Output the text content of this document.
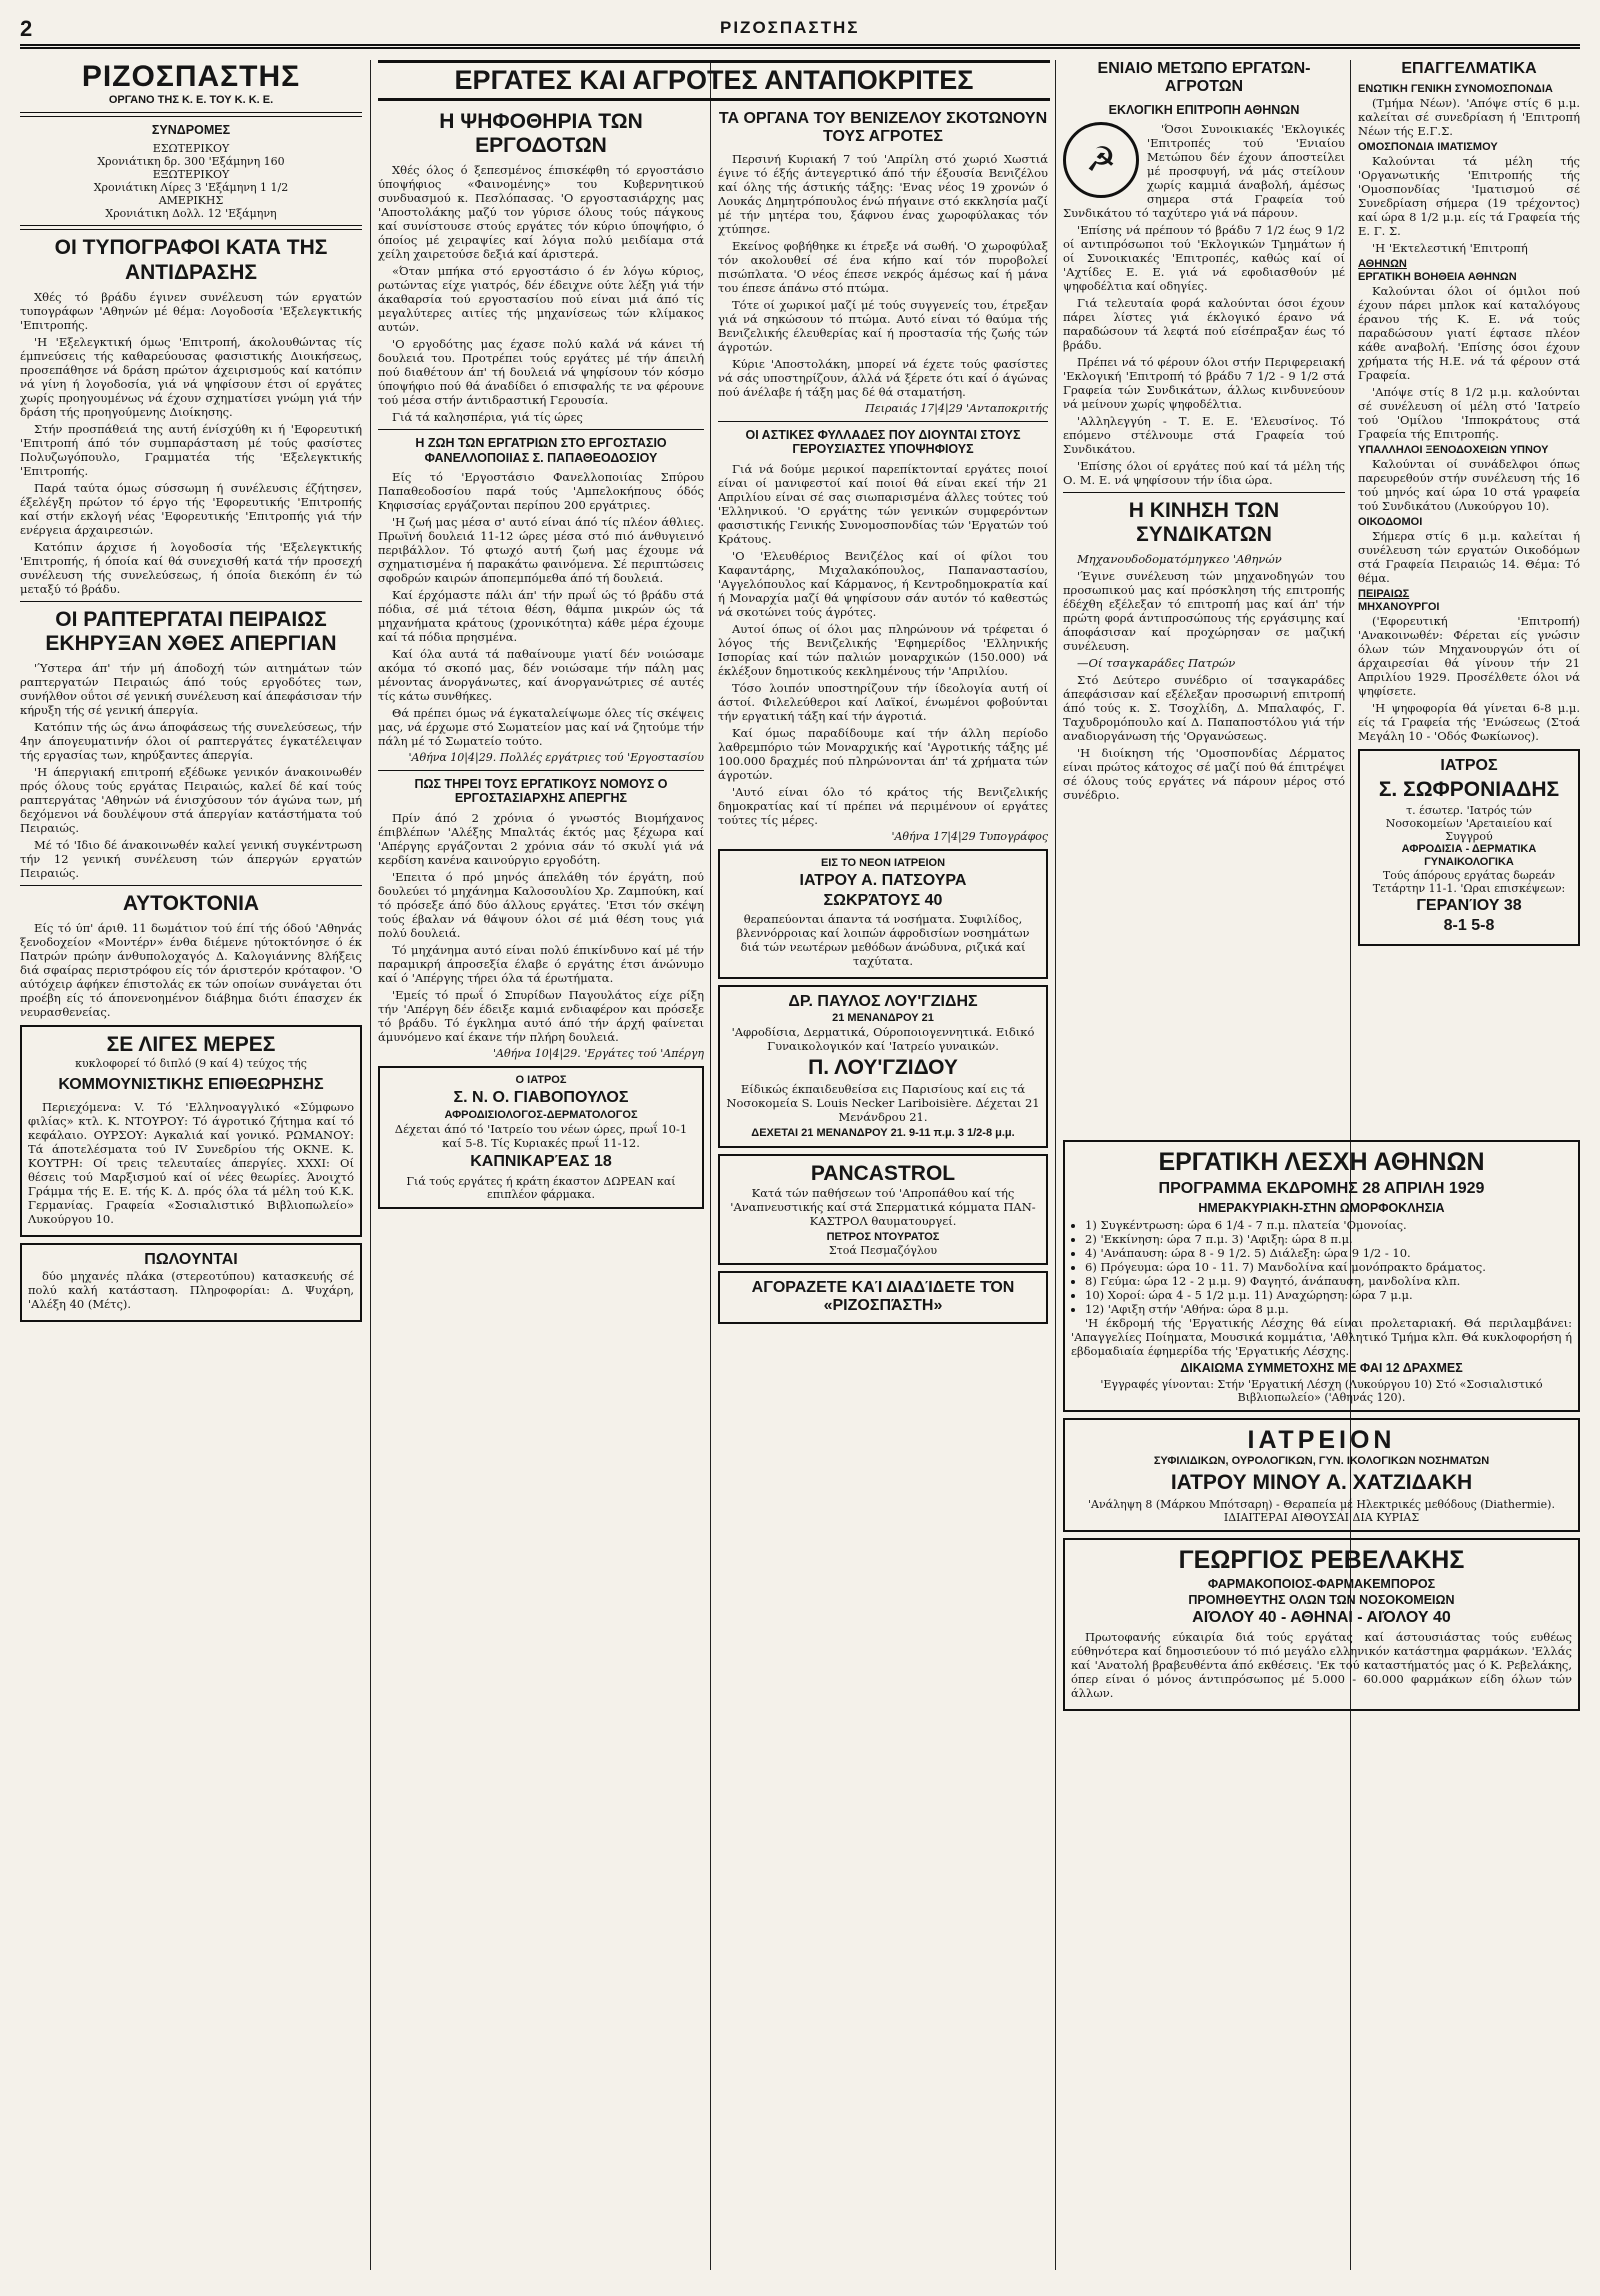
2	ΡΙΖΟΣΠΑΣΤΗΣ
ΡΙΖΟΣΠΑΣΤΗΣ
ΟΡΓΑΝΟ ΤΗΣ Κ. Ε. ΤΟΥ Κ. Κ. Ε.
ΣΥΝΔΡΟΜΕΣ
ΕΣΩΤΕΡΙΚΟΥ
Χρονιάτικη δρ. 300 'Εξάμηνη 160
ΕΞΩΤΕΡΙΚΟΥ
Χρονιάτικη Λίρες 3 'Εξάμηνη 1 1/2
ΑΜΕΡΙΚΗΣ
Χρονιάτικη Δολλ. 12 'Εξάμηνη
ΟΙ ΤΥΠΟΓΡΑΦΟΙ ΚΑΤΑ ΤΗΣ ΑΝΤΙΔΡΑΣΗΣ

Χθές τό βράδυ έγινεν συνέλευση τών εργατών τυπογράφων 'Αθηνών μέ θέμα: Λογοδοσία 'Εξελεγκτικής 'Επιτροπής.

'Η 'Εξελεγκτική όμως 'Επιτροπή, άκολουθώντας τίς έμπνεύσεις τής καθαρεύουσας φασιστικής Διοικήσεως, προσεπάθησε νά δράση πρώτον άχειρισμούς καί κατόπιν νά γίνη ή λογοδοσία, γιά νά ψηφίσουν έτσι οί εργάτες χωρίς προηγουμένως νά έχουν σχηματίσει γνώμη γιά τήν δράση τής προηγούμενης Διοίκησης.

Στήν προσπάθειά της αυτή ένίσχύθη κι ή 'Εφορευτική 'Επιτροπή άπό τόν συμπαράσταση μέ τούς φασίστες Πολυζωγόπουλο, Γραμματέα τής 'Εξελεγκτικής 'Επιτροπής.

Παρά ταύτα όμως σύσσωμη ή συνέλευσις έζήτησεν, έξελέγξη πρώτον τό έργο τής 'Εφορευτικής 'Επιτροπής καί στήν εκλογή νέας 'Εφορευτικής 'Επιτροπής γιά τήν ενέργεια άρχαιρεσιών.

Κατόπιν άρχισε ή λογοδοσία τής 'Εξελεγκτικής 'Επιτροπής, ή όποία καί θά συνεχισθή κατά τήν προσεχή συνέλευση τής συνελεύσεως, ή όποία διεκόπη έν τώ μεταξύ τό βράδυ.

ΟΙ ΡΑΠΤΕΡΓΑΤΑΙ ΠΕΙΡΑΙΩΣ ΕΚΗΡΥΞΑΝ ΧΘΕΣ ΑΠΕΡΓΙΑΝ

'Ύστερα άπ' τήν μή άποδοχή τών αιτημάτων τών ραπτεργατών Πειραιώς άπό τούς εργοδότες των, συνήλθον οΰτοι σέ γενική συνέλευση καί άπεφάσισαν τήν κήρυξη τής σέ γενική άπεργία.

Κατόπιν τής ώς άνω άποφάσεως τής συνελεύσεως, τήν 4ην άπογευματινήν όλοι οί ραπτεργάτες έγκατέλειψαν τής εργασίας των, κηρύξαντες άπεργία.

'Η άπεργιακή επιτροπή εξέδωκε γενικόν άνακοινωθέν πρός όλους τούς εργάτας Πειραιώς, καλεί δέ καί τούς ραπτεργάτας 'Αθηνών νά ένισχύσουν τόν άγώνα των, μή δεχόμενοι νά δουλέψουν στά άπεργίαν κατάστήματα τού Πειραιώς.

Μέ τό 'Ιδιο δέ άνακοινωθέν καλεί γενική συγκέντρωση τήν 12 γενική συνέλευση τών άπεργών εργατών Πειραιώς.

ΑΥΤΟΚΤΟΝΙΑ

Είς τό ύπ' άριθ. 11 δωμάτιον τού έπί τής όδού 'Αθηνάς ξενοδοχείον «Μοντέρν» ένθα διέμενε ηύτοκτόνησε ό έκ Πατρών πρώην άνθυπολοχαγός Δ. Καλογιάννης 8λήξεις διά σφαίρας περιστρόφου είς τόν άριστερόν κρόταφον. 'Ο αύτόχειρ άφήκεν έπιστολάς εκ τών οποίων συνάγεται ότι προέβη είς τό άπονενοημένον διάβημα διότι έπασχεν έκ νευρασθενείας.

ΣΕ ΛΙΓΕΣ ΜΕΡΕΣ
κυκλοφορεί τό διπλό (9 καί 4) τεύχος τής
ΚΟΜΜΟΥΝΙΣΤΙΚΗΣ ΕΠΙΘΕΩΡΗΣΗΣ

Περιεχόμενα: V. Τό 'Ελληνοαγγλικό «Σύμφωνο φιλίας» κτλ. Κ. ΝΤΟΥΡΟΥ: Τό άγροτικό ζήτημα καί τό κεφάλαιο. ΟΥΡΣΟΥ: Αγκαλιά καί γονικό. ΡΩΜΑΝΟΥ: Τά άποτελέσματα τού IV Συνεδρίου τής ΟΚΝΕ. Κ. ΚΟΥΤΡΗ: Οί τρεις τελευταίες άπεργίες. XXXI: Οί θέσεις τού Μαρξισμού καί οί νέες θεωρίες. Άνοιχτό Γράμμα τής Ε. Ε. τής Κ. Δ. πρός όλα τά μέλη τού Κ.Κ. Γερμανίας. Γραφεία «Σοσιαλιστικό Βιβλιοπωλείο» Λυκούργου 10.

ΠΩΛΟΥΝΤΑΙ

δύο μηχανές πλάκα (στερεοτύπου) κατασκευής σέ πολύ καλή κατάσταση. Πληροφορίαι: Δ. Ψυχάρη, 'Αλέξη 40 (Μέτς).

ΕΡΓΑΤΕΣ ΚΑΙ ΑΓΡΟΤΕΣ ΑΝΤΑΠΟΚΡΙΤΕΣ
Η ΨΗΦΟΘΗΡΙΑ ΤΩΝ ΕΡΓΟΔΟΤΩΝ

Χθές όλος ό ξεπεσμένος έπισκέφθη τό εργοστάσιο ύποψήφιος «Φαινομένης» του Κυβερνητικού συνδυασμού κ. Πεσλόπασας. 'Ο εργοστασιάρχης μας 'Αποστολάκης μαζύ τον γύρισε όλους τούς πάγκους καί συνίστουσε στούς εργάτες τόν κύριο ύποψήφιο, ό όποίος μέ χειραψίες καί λόγια πολύ μειδίαμα στά χείλη χαιρετούσε δεξιά καί άριστερά.

«Όταν μπήκα στό εργοστάσιο ό έν λόγω κύριος, ρωτώντας είχε γιατρός, δέν έδειχνε ούτε λέξη γιά τήν άκαθαρσία τού εργοστασίου πού είναι μιά άπό τίς μεγαλύτερες αιτίες τής μηχανίσεως τών κλίμακος αυτών.

'Ο εργοδότης μας έχασε πολύ καλά νά κάνει τή δουλειά του. Προτρέπει τούς εργάτες μέ τήν άπειλή πού διαθέτουν άπ' τή δουλειά νά ψηφίσουν τόν κόσμο ύποψήφιο πού θά άναδίδει ό επισφαλής τε να φέρουνε τού μέσα στήν άντιδραστική Γερουσία.

Γιά τά καλησπέρια, γιά τίς ώρες

Η ΖΩΗ ΤΩΝ ΕΡΓΑΤΡΙΩΝ ΣΤΟ ΕΡΓΟΣΤΑΣΙΟ ΦΑΝΕΛΛΟΠΟΙΙΑΣ Σ. ΠΑΠΑΘΕΟΔΟΣΙΟΥ

Είς τό 'Εργοστάσιο Φανελλοποιίας Σπύρου Παπαθεοδοσίου παρά τούς 'Αμπελοκήπους όδός Κηφισσίας εργάζονται περίπου 200 εργάτριες.

'Η ζωή μας μέσα σ' αυτό είναι άπό τίς πλέον άθλιες. Πρωϊνή δουλειά 11-12 ώρες μέσα στό πιό άνθυγιεινό περιβάλλον. Τό φτωχό αυτή ζωή μας έχουμε νά σχηματισμένα ή παρακάτω φαινόμενα. Σέ περιπτώσεις σφοδρών καιρών άποπεμπόμεθα άπό τή δουλειά.

Καί έρχόμαστε πάλι άπ' τήν πρωΐ ώς τό βράδυ στά πόδια, σέ μιά τέτοια θέση, θάμπα μικρών ώς τά μηχανήματα κράτους (χρονικότητα) κάθε μέρα έχουμε καί τά πόδια πρησμένα.

Καί όλα αυτά τά παθαίνουμε γιατί δέν νοιώσαμε ακόμα τό σκοπό μας, δέν νοιώσαμε τήν πάλη μας μένοντας άνοργάνωτες, καί άνοργανώτριες σέ αυτές τίς κάτω συνθήκες.

Θά πρέπει όμως νά έγκαταλείψωμε όλες τίς σκέψεις μας, νά έρχωμε στό Σωματείον μας καί νά ζητούμε τήν πάλη μέ τό Σωματείο τούτο.

'Αθήνα 10|4|29. Πολλές εργάτριες τού 'Εργοστασίου
ΠΩΣ ΤΗΡΕΙ ΤΟΥΣ ΕΡΓΑΤΙΚΟΥΣ ΝΟΜΟΥΣ Ο ΕΡΓΟΣΤΑΣΙΑΡΧΗΣ ΑΠΕΡΓΗΣ

Πρίν άπό 2 χρόνια ό γνωστός Βιομήχανος έπιβλέπων 'Αλέξης Μπαλτάς έκτός μας ξέχωρα καί 'Απέργης εργάζονται 2 χρόνια σάν τό σκυλί γιά νά κερδίση κανένα καινούργιο εργοδότη.

'Επειτα ό πρό μηνός άπελάθη τόν έργάτη, πού δουλεύει τό μηχάνημα Καλοσουλίου Χρ. Ζαμπούκη, καί τό πρόσεξε άπό δύο άλλους εργάτες. 'Ετσι τόν σκέψη τούς έβαλαν νά θάψουν όλοι σέ μιά θέση τους γιά πολύ δουλειά.

Τό μηχάνημα αυτό είναι πολύ έπικίνδυνο καί μέ τήν παραμικρή άπροσεξία έλαβε ό εργάτης έτσι άνώνυμο καί ό 'Απέργης τήρει όλα τά έρωτήματα.

'Εμείς τό πρωΐ ό Σπυρίδων Παγουλάτος είχε ρίξη τήν 'Απέργη δέν έδειξε καμιά ενδιαφέρον και πρόσεξε τό βράδυ. Τό έγκλημα αυτό άπό τήν άρχή φαίνεται άμυνόμενο καί έκανε τήν πλήρη δουλειά.

'Αθήνα 10|4|29. 'Εργάτες τού 'Απέργη
Ο ΙΑΤΡΟΣ
Σ. Ν. Ο. ΓΙΑΒΟΠΟΥΛΟΣ
ΑΦΡΟΔΙΣΙΟΛΟΓΟΣ-ΔΕΡΜΑΤΟΛΟΓΟΣ

Δέχεται άπό τό 'Ιατρείο του νέων ώρες, πρωΐ 10-1 καί 5-8. Τίς Κυριακές πρωΐ 11-12.

ΚΑΠΝΙΚΑΡΈΑΣ 18
Γιά τούς εργάτες ή κράτη έκαστον ΔΩΡΕΑΝ καί επιπλέον φάρμακα.
ΤΑ ΟΡΓΑΝΑ ΤΟΥ ΒΕΝΙΖΕΛΟΥ ΣΚΟΤΩΝΟΥΝ ΤΟΥΣ ΑΓΡΟΤΕΣ

Περσινή Κυριακή 7 τού 'Απρίλη στό χωριό Χωστιά έγινε τό έξής άντεγερτικό άπό τήν έξουσία Βενιζέλου καί όλης τής άστικής τάξης: 'Ενας νέος 19 χρονών ό Λουκάς Δημητρόπουλος ένώ πήγαινε στό εκκλησία μαζί μέ τήν μητέρα του, ξάφνου ένας χωροφύλακας τόν χτύπησε.

Εκείνος φοβήθηκε κι έτρεξε νά σωθή. 'Ο χωροφύλαξ τόν ακολουθεί σέ ένα κήπο καί τόν πυροβολεί πισώπλατα. 'Ο νέος έπεσε νεκρός άμέσως καί ή μάνα του έπεσε άπάνω στό πτώμα.

Τότε οί χωρικοί μαζί μέ τούς συγγενείς του, έτρεξαν γιά νά σηκώσουν τό πτώμα. Αυτό είναι τό θαύμα τής Βενιζελικής έλευθερίας καί ή προστασία τής ζωής τών άγροτών.

Κύριε 'Αποστολάκη, μπορεί νά έχετε τούς φασίστες νά σάς υποστηρίζουν, άλλά νά ξέρετε ότι καί ό άγώνας πού άνέλαβε ή τάξη μας δέ θά σταματήση.

Πειραιάς 17|4|29 'Ανταποκριτής
ΟΙ ΑΣΤΙΚΕΣ ΦΥΛΛΑΔΕΣ ΠΟΥ ΔΙΟΥΝΤΑΙ ΣΤΟΥΣ ΓΕΡΟΥΣΙΑΣΤΕΣ ΥΠΟΨΗΦΙΟΥΣ

Γιά νά δούμε μερικοί παρεπίκτονταί εργάτες ποιοί είναι οί μανιφεστοί καί ποιοί θά είναι εκεί τήν 21 Απριλίου είναι σέ σας σιωπαρισμένα άλλες τούτες τού 'Ελληνικού. 'Ο εργάτης τών γενικών συμφερόντων φασιστικής Γενικής Συνομοσπονδίας τών 'Εργατών τού Κράτους.

'Ο 'Ελευθέριος Βενιζέλος καί οί φίλοι του Καφαντάρης, Μιχαλακόπουλος, Παπαναστασίου, 'Αγγελόπουλος καί Κάρμανος, ή Κεντροδημοκρατία καί ή Μοναρχία μαζί θά ψηφίσουν σάν αυτόν τό καθεστώς νά σκοτώνει τούς άγρότες.

Αυτοί όπως οί όλοι μας πληρώνουν νά τρέφεται ό λόγος τής Βενιζελικής 'Εφημερίδος 'Ελληνικής Ισπορίας καί τών παλιών μοναρχικών (150.000) νά έκλέξουν δημοτικούς κεκλημένους τήν 'Απριλίου.

Τόσο λοιπόν υποστηρίζουν τήν ίδεολογία αυτή οί άστοί. Φιλελεύθεροι καί Λαϊκοί, ένωμένοι φοβούνται τήν εργατική τάξη καί τήν άγροτιά.

Καί όμως παραδίδουμε καί τήν άλλη περίοδο λαθρεμπόριο τών Μοναρχικής καί 'Αγροτικής τάξης μέ 100.000 δραχμές πού πληρώνονται άπ' τά χρήματα τών άγροτών.

'Αυτό είναι όλο τό κράτος τής Βενιζελικής δημοκρατίας καί τί πρέπει νά περιμένουν οί εργάτες τούτες τίς μέρες.

'Αθήνα 17|4|29 Τυπογράφος
ΕΙΣ ΤΟ ΝΕΟΝ ΙΑΤΡΕΙΟΝ
ΙΑΤΡΟΥ Α. ΠΑΤΣΟΥΡΑ
ΣΩΚΡΆΤΟΥΣ 40

θεραπεύονται άπαντα τά νοσήματα. Συφιλίδος, βλεννόρροιας καί λοιπών άφροδισίων νοσημάτων διά τών νεωτέρων μεθόδων άνώδυνα, ριζικά καί ταχύτατα.

ΔΡ. ΠΑΥΛΟΣ ΛΟΥ'ΓΖΙΔΗΣ
21 ΜΕΝΑΝΔΡΟΥ 21

'Αφροδίσια, Δερματικά, Ούροποιογεννητικά. Ειδικό Γυναικολογικόν καί 'Ιατρείο γυναικών.

Π. ΛΟΥ'ΓΖΙΔΟΥ

Είδικώς έκπαιδευθείσα εις Παρισίους καί εις τά Νοσοκομεία S. Louis Necker Lariboisière. Δέχεται 21 Μενάνδρου 21.

ΔΕΧΕΤΑΙ 21 ΜΕΝΑΝΔΡΟΥ 21. 9-11 π.μ. 3 1/2-8 μ.μ.
PANCASTROL

Κατά τών παθήσεων τού 'Απροπάθου καί τής 'Αναπνευστικής καί στά Σπερματικά κόμματα ΠΑΝ-ΚΑΣΤΡΟΛ θαυματουργεί.

ΠΕΤΡΟΣ ΝΤΟΥΡΑΤΟΣ
Στοά Πεσμαζόγλου
ΑΓΟΡΑΖΕΤΕ ΚΑΊ ΔΙΑΔΊΔΕΤΕ ΤΌΝ «ΡΙΖΟΣΠΆΣΤΗ»
ΕΝΙΑΙΟ ΜΕΤΩΠΟ ΕΡΓΑΤΩΝ-ΑΓΡΟΤΩΝ
ΕΚΛΟΓΙΚΗ ΕΠΙΤΡΟΠΗ ΑΘΗΝΩΝ
☭

'Όσοι Συνοικιακές 'Εκλογικές 'Επιτροπές τού 'Ενιαίου Μετώπου δέν έχουν άποστείλει μέ προσφυγή, νά μάς στείλουν χωρίς καμμιά άναβολή, άμέσως σημερα στά Γραφεία τού Συνδικάτου τό ταχύτερο γιά νά πάρουν.

'Επίσης νά πρέπουν τό βράδυ 7 1/2 έως 9 1/2 οί αντιπρόσωποι τού 'Εκλογικών Τμημάτων ή οί Συνοικιακές 'Επιτροπές, καθώς καί οί 'Αχτίδες Ε. Ε. γιά νά εφοδιασθούν μέ ψηφοδέλτια καί οδηγίες.

Γιά τελευταία φορά καλούνται όσοι έχουν πάρει λίστες γιά έκλογικό έρανο νά παραδώσουν τά λεφτά πού είσέπραξαν έως τό βράδυ.

Πρέπει νά τό φέρουν όλοι στήν Περιφερειακή 'Εκλογική 'Επιτροπή τό βράδυ 7 1/2 - 9 1/2 στά Γραφεία τών Συνδικάτων, άλλως κινδυνεύουν νά μείνουν χωρίς ψηφοδέλτια.

'Αλληλεγγύη - Τ. Ε. Ε. 'Ελευσίνος. Τό επόμενο στέλνουμε στά Γραφεία τού Συνδικάτου.

'Επίσης όλοι οί εργάτες πού καί τά μέλη τής Ο. Μ. Ε. νά ψηφίσουν τήν ίδια ώρα.

Η ΚΙΝΗΣΗ ΤΩΝ ΣΥΝΔΙΚΑΤΩΝ

Μηχανουδοδοματόμηγκεο 'Αθηνών

'Έγινε συνέλευση τών μηχανοδηγών του προσωπικού μας καί πρόσκληση τής επιτροπής έδέχθη εξέλεξαν τό επιτροπή μας καί άπ' τήν πρώτη φορά άντιπροσώπους τής εργάσιμης καί άποφάσισαν καί προχώρησαν σε μαζική συνέλευση.

—Οί τσαγκαράδες Πατρών

Στό Δεύτερο συνέδριο οί τσαγκαράδες άπεφάσισαν καί εξέλεξαν προσωρινή επιτροπή άπό τούς κ. Σ. Τσοχλίδη, Δ. Μπαλαφός, Γ. Ταχυδρομόπουλο καί Δ. Παπαποστόλου γιά τήν αναδιοργάνωση τής 'Οργανώσεως.

'Η διοίκηση τής 'Ομοσπονδίας Δέρματος είναι πρώτος κάτοχος σέ μαζί πού θά έπιτρέψει σέ όλους τούς εργάτες νά πάρουν μέρος στό συνέδριο.

ΕΠΑΓΓΕΛΜΑΤΙΚΑ
ΕΝΩΤΙΚΗ ΓΕΝΙΚΗ ΣΥΝΟΜΟΣΠΟΝΔΙΑ

(Τμήμα Νέων). 'Απόψε στίς 6 μ.μ. καλείται σέ συνεδρίαση ή 'Επιτροπή Νέων τής Ε.Γ.Σ.

ΟΜΟΣΠΟΝΔΙΑ ΙΜΑΤΙΣΜΟΥ

Καλούνται τά μέλη τής 'Οργανωτικής 'Επιτροπής τής 'Ομοσπονδίας 'Ιματισμού σέ Συνεδρίαση σήμερα (19 τρέχοντος) καί ώρα 8 1/2 μ.μ. είς τά Γραφεία τής Ε. Γ. Σ.

'Η 'Εκτελεστική 'Επιτροπή

ΑΘΗΝΩΝ
ΕΡΓΑΤΙΚΗ ΒΟΗΘΕΙΑ ΑΘΗΝΩΝ

Καλούνται όλοι οί όμιλοι πού έχουν πάρει μπλοκ καί καταλόγους έρανου τής Κ. Ε. νά τούς παραδώσουν γιατί έφτασε πλέον κάθε αναβολή. 'Επίσης όσοι έχουν χρήματα τής Η.Ε. νά τά φέρουν στά Γραφεία.

'Απόψε στίς 8 1/2 μ.μ. καλούνται σέ συνέλευση οί μέλη στό 'Ιατρείο τού 'Ομίλου 'Ιπποκράτους στά Γραφεία τής Επιτροπής.

ΥΠΑΛΛΗΛΟΙ ΞΕΝΟΔΟΧΕΙΩΝ ΥΠΝΟΥ

Καλούνται οί συνάδελφοι όπως παρευρεθούν στήν συνέλευση τής 16 τού μηνός καί ώρα 10 στά γραφεία τού Συνδικάτου (Λυκούργου 10).

ΟΙΚΟΔΟΜΟΙ

Σήμερα στίς 6 μ.μ. καλείται ή συνέλευση τών εργατών Οικοδόμων στά Γραφεία Πειραιώς 14. Θέμα: Τό θέμα.

ΠΕΙΡΑΙΩΣ
ΜΗΧΑΝΟΥΡΓΟΙ

('Εφορευτική 'Επιτροπή) 'Ανακοινωθέν: Φέρεται είς γνώσιν όλων τών Μηχανουργών ότι οί άρχαιρεσίαι θά γίνουν τήν 21 Απριλίου 1929. Προσέλθετε όλοι νά ψηφίσετε.

'Η ψηφοφορία θά γίνεται 6-8 μ.μ. είς τά Γραφεία τής 'Ενώσεως (Στοά Μεγάλη 10 - 'Οδός Φωκίωνος).

ΙΑΤΡΟΣ
Σ. ΣΩΦΡΟΝΙΑΔΗΣ
τ. έσωτερ. 'Ιατρός τών Νοσοκομείων 'Αρεταιείου καί Συγγρού
ΑΦΡΟΔΙΣΙΑ - ΔΕΡΜΑΤΙΚΑ ΓΥΝΑΙΚΟΛΟΓΙΚΑ
Τούς άπόρους εργάτας δωρεάν Τετάρτην 11-1. 'Ωραι επισκέψεων:
ΓΕΡΑΝΊΟΥ 38
8-1 5-8
ΕΡΓΑΤΙΚΗ ΛΕΣΧΗ ΑΘΗΝΩΝ
ΠΡΟΓΡΑΜΜΑ ΕΚΔΡΟΜΗΣ 28 ΑΠΡΙΛΗ 1929
ΗΜΕΡΑΚΥΡΙΑΚΗ-ΣΤΗΝ ΩΜΟΡΦΟΚΛΗΣΙΑ
• 1) Συγκέντρωση: ώρα 6 1/4 - 7 π.μ. πλατεία 'Ομονοίας.
• 2) 'Εκκίνηση: ώρα 7 π.μ. 3) 'Αφιξη: ώρα 8 π.μ.
• 4) 'Ανάπαυση: ώρα 8 - 9 1/2. 5) Διάλεξη: ώρα 9 1/2 - 10.
• 6) Πρόγευμα: ώρα 10 - 11. 7) Μανδολίνα καί μονόπρακτο δράματος.
• 8) Γεύμα: ώρα 12 - 2 μ.μ. 9) Φαγητό, άνάπαυση, μανδολίνα κλπ.
• 10) Χοροί: ώρα 4 - 5 1/2 μ.μ. 11) Αναχώρηση: ώρα 7 μ.μ.
• 12) 'Αφιξη στήν 'Αθήνα: ώρα 8 μ.μ.

'Η έκδρομή τής 'Εργατικής Λέσχης θά είναι προλεταριακή. Θά περιλαμβάνει: 'Απαγγελίες Ποίηματα, Μουσικά κομμάτια, 'Αθλητικό Τμήμα κλπ. Θά κυκλοφορήση ή εβδομαδιαία έφημερίδα τής 'Εργατικής Λέσχης.

ΔΙΚΑΙΩΜΑ ΣΥΜΜΕΤΟΧΗΣ ΜΕ ΦΑΙ 12 ΔΡΑΧΜΕΣ
'Εγγραφές γίνονται: Στήν 'Εργατική Λέσχη (Λυκούργου 10) Στό «Σοσιαλιστικό Βιβλιοπωλείο» ('Αθηνάς 120).
ΙΑΤΡΕΙΟΝ
ΣΥΦΙΛΙΔΙΚΩΝ, ΟΥΡΟΛΟΓΙΚΩΝ, ΓΥΝ. ΙΚΟΛΟΓΙΚΩΝ ΝΟΣΗΜΑΤΩΝ
ΙΑΤΡΟΥ ΜΙΝΟΥ Α. ΧΑΤΖΙΔΑΚΗ
'Ανάληψη 8 (Μάρκου Μπότσαρη) - Θεραπεία μέ Ηλεκτρικές μεθόδους (Diathermie). ΙΔΙΑΙΤΕΡΑΙ ΑΙΘΟΥΣΑΙ ΔΙΑ ΚΥΡΙΑΣ
ΓΕΩΡΓΙΟΣ ΡΕΒΕΛΑΚΗΣ
ΦΑΡΜΑΚΟΠΟΙΟΣ-ΦΑΡΜΑΚΕΜΠΟΡΟΣ
ΠΡΟΜΗΘΕΥΤΗΣ ΟΛΩΝ ΤΩΝ ΝΟΣΟΚΟΜΕΙΩΝ
ΑΙΌΛΟΥ 40 - ΑΘΗΝΑΙ - ΑΙΌΛΟΥ 40

Πρωτοφανής εύκαιρία διά τούς εργάτας καί άστουσιάστας τούς ευθέως εύθηνότερα καί δημοσιεύουν τό πιό μεγάλο ελληνικόν κατάστημα φαρμάκων. 'Ελλάς καί 'Ανατολή βραβευθέντα άπό εκθέσεις. 'Εκ τού καταστήματός μας ό Κ. Ρεβελάκης, όπερ είναι ό μόνος άντιπρόσωπος μέ 5.000 - 60.000 φαρμάκων είδη όλων τών άλλων.
